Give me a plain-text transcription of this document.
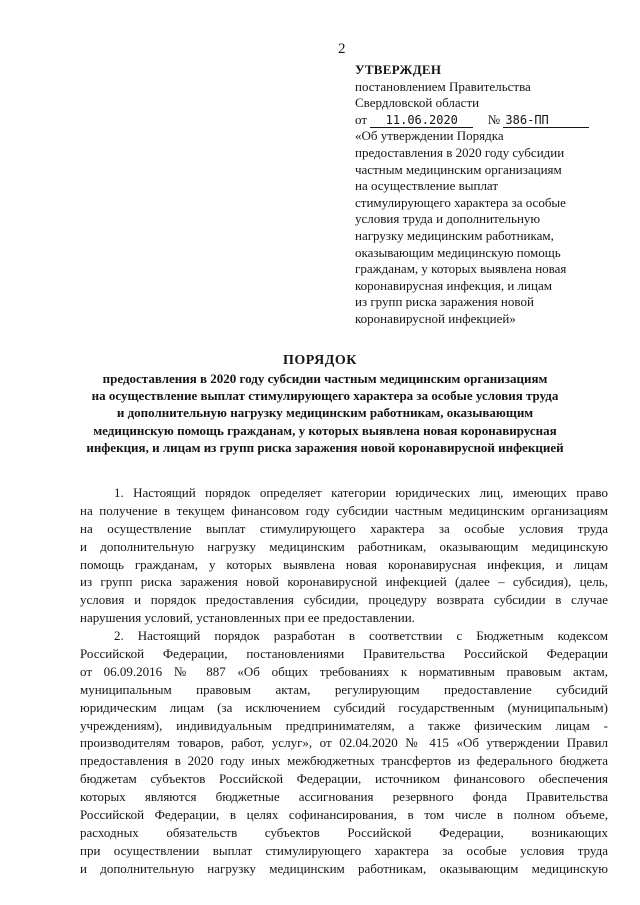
2
УТВЕРЖДЕН
постановлением Правительства
Свердловской области
от 11.06.2020 № 386-ПП
«Об утверждении Порядка
предоставления в 2020 году субсидии
частным медицинским организациям
на осуществление выплат
стимулирующего характера за особые
условия труда и дополнительную
нагрузку медицинским работникам,
оказывающим медицинскую помощь
гражданам, у которых выявлена новая
коронавирусная инфекция, и лицам
из групп риска заражения новой
коронавирусной инфекцией»
ПОРЯДОК
предоставления в 2020 году субсидии частным медицинским организациям
на осуществление выплат стимулирующего характера за особые условия труда
и дополнительную нагрузку медицинским работникам, оказывающим
медицинскую помощь гражданам, у которых выявлена новая коронавирусная
инфекция, и лицам из групп риска заражения новой коронавирусной инфекцией
1. Настоящий порядок определяет категории юридических лиц, имеющих право
на получение в текущем финансовом году субсидии частным медицинским организациям
на осуществление выплат стимулирующего характера за особые условия труда
и дополнительную нагрузку медицинским работникам, оказывающим медицинскую
помощь гражданам, у которых выявлена новая коронавирусная инфекция, и лицам
из групп риска заражения новой коронавирусной инфекцией (далее – субсидия), цель,
условия и порядок предоставления субсидии, процедуру возврата субсидии в случае
нарушения условий, установленных при ее предоставлении.
2. Настоящий порядок разработан в соответствии с Бюджетным кодексом
Российской Федерации, постановлениями Правительства Российской Федерации
от 06.09.2016 № 887 «Об общих требованиях к нормативным правовым актам,
муниципальным правовым актам, регулирующим предоставление субсидий
юридическим лицам (за исключением субсидий государственным (муниципальным)
учреждениям), индивидуальным предпринимателям, а также физическим лицам -
производителям товаров, работ, услуг», от 02.04.2020 № 415 «Об утверждении Правил
предоставления в 2020 году иных межбюджетных трансфертов из федерального бюджета
бюджетам субъектов Российской Федерации, источником финансового обеспечения
которых являются бюджетные ассигнования резервного фонда Правительства
Российской Федерации, в целях софинансирования, в том числе в полном объеме,
расходных обязательств субъектов Российской Федерации, возникающих
при осуществлении выплат стимулирующего характера за особые условия труда
и дополнительную нагрузку медицинским работникам, оказывающим медицинскую
